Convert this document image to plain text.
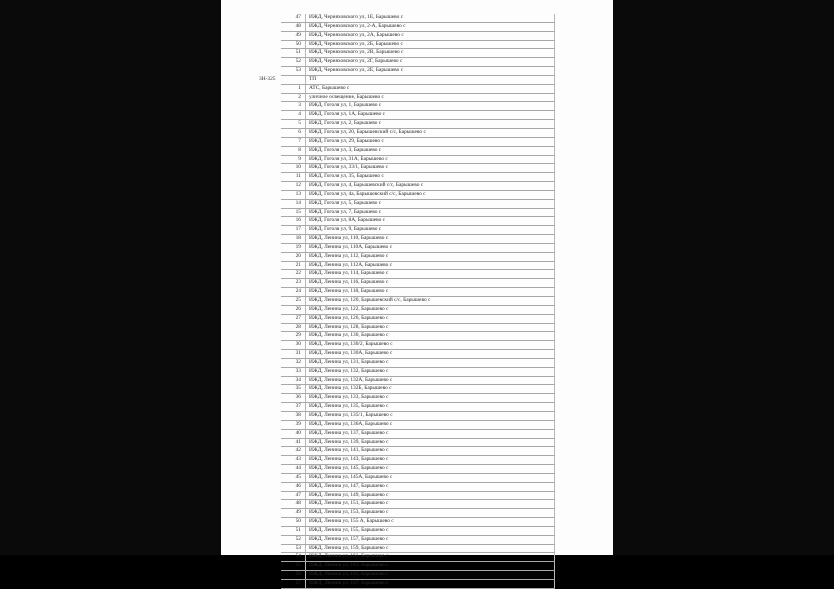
	47	ИЖД, Черняховского ул, 1Е, Барышево с
	48	ИЖД, Черняховского ул, 2-А, Барышево с
	49	ИЖД, Черняховского ул, 2А, Барышево с
	50	ИЖД, Черняховского ул, 2Б, Барышево с
	51	ИЖД, Черняховского ул, 2В, Барышево с
	52	ИЖД, Черняховского ул, 2Г, Барышево с
	53	ИЖД, Черняховского ул, 2Е, Барышево с
3Н-325		ТП
	1	АТС, Барышево с
	2	уличное освещение, Барышево с
	3	ИЖД, Гоголя ул, 1, Барышево с
	4	ИЖД, Гоголя ул, 1А, Барышево с
	5	ИЖД, Гоголя ул, 2, Барышево с
	6	ИЖД, Гоголя ул, 20, Барышевский с/с, Барышево с
	7	ИЖД, Гоголя ул, 29, Барышево с
	8	ИЖД, Гоголя ул, 3, Барышево с
	9	ИЖД, Гоголя ул, 31А, Барышево с
	10	ИЖД, Гоголя ул, 33/1, Барышево с
	11	ИЖД, Гоголя ул, 35, Барышево с
	12	ИЖД, Гоголя ул, 4, Барышевский с/с, Барышево с
	13	ИЖД, Гоголя ул, 4а, Барышевский с/с, Барышево с
	14	ИЖД, Гоголя ул, 5, Барышево с
	15	ИЖД, Гоголя ул, 7, Барышево с
	16	ИЖД, Гоголя ул, 8А, Барышево с
	17	ИЖД, Гоголя ул, 9, Барышево с
	18	ИЖД, Ленина ул, 110, Барышево с
	19	ИЖД, Ленина ул, 110А, Барышево с
	20	ИЖД, Ленина ул, 112, Барышево с
	21	ИЖД, Ленина ул, 112А, Барышево с
	22	ИЖД, Ленина ул, 114, Барышево с
	23	ИЖД, Ленина ул, 116, Барышево с
	24	ИЖД, Ленина ул, 118, Барышево с
	25	ИЖД, Ленина ул, 120, Барышевский с/с, Барышево с
	26	ИЖД, Ленина ул, 122, Барышево с
	27	ИЖД, Ленина ул, 126, Барышево с
	28	ИЖД, Ленина ул, 128, Барышево с
	29	ИЖД, Ленина ул, 130, Барышево с
	30	ИЖД, Ленина ул, 130/2, Барышево с
	31	ИЖД, Ленина ул, 130А, Барышево с
	32	ИЖД, Ленина ул, 131, Барышево с
	33	ИЖД, Ленина ул, 132, Барышево с
	34	ИЖД, Ленина ул, 132А, Барышево с
	35	ИЖД, Ленина ул, 132Б, Барышево с
	36	ИЖД, Ленина ул, 133, Барышево с
	37	ИЖД, Ленина ул, 135, Барышево с
	38	ИЖД, Ленина ул, 135/1, Барышево с
	39	ИЖД, Ленина ул, 136А, Барышево с
	40	ИЖД, Ленина ул, 137, Барышево с
	41	ИЖД, Ленина ул, 139, Барышево с
	42	ИЖД, Ленина ул, 141, Барышево с
	43	ИЖД, Ленина ул, 143, Барышево с
	44	ИЖД, Ленина ул, 145, Барышево с
	45	ИЖД, Ленина ул, 145А, Барышево с
	46	ИЖД, Ленина ул, 147, Барышево с
	47	ИЖД, Ленина ул, 149, Барышево с
	48	ИЖД, Ленина ул, 151, Барышево с
	49	ИЖД, Ленина ул, 153, Барышево с
	50	ИЖД, Ленина ул, 155 А, Барышево с
	51	ИЖД, Ленина ул, 155, Барышево с
	52	ИЖД, Ленина ул, 157, Барышево с
	53	ИЖД, Ленина ул, 159, Барышево с
	54	ИЖД, Ленина ул, 161, Барышево с
	55	ИЖД, Ленина ул, 163, Барышево с
	56	ИЖД, Ленина ул, 165, Барышево с
	57	ИЖД, Ленина ул, 167, Барышево с
